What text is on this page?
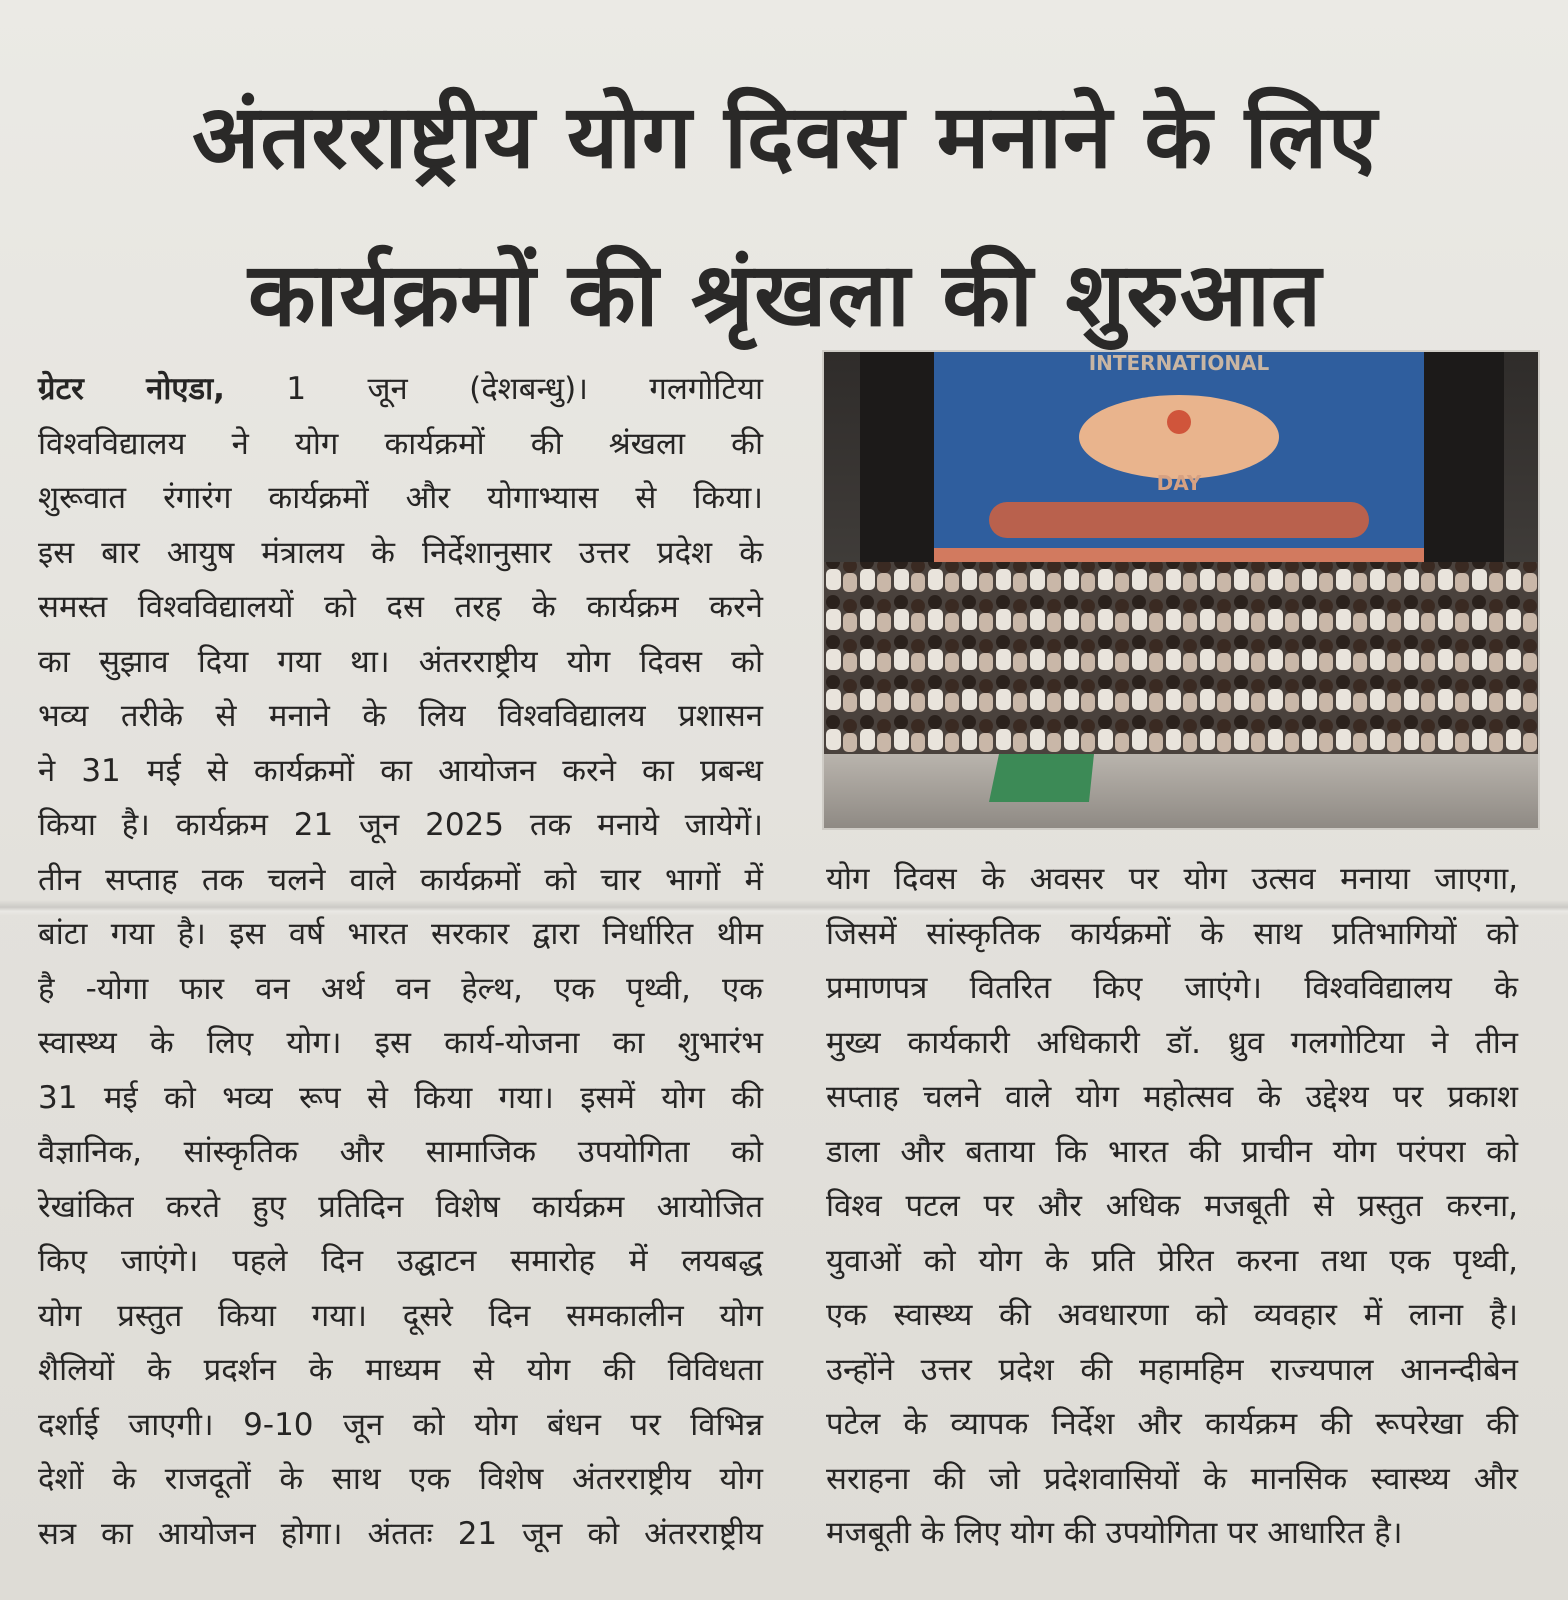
अंतरराष्ट्रीय योग दिवस मनाने के लिए
कार्यक्रमों की श्रृंखला की शुरुआत
ग्रेटर नोएडा, 1 जून (देशबन्धु)। गलगोटिया
विश्वविद्यालय ने योग कार्यक्रमों की श्रंखला की
शुरूवात रंगारंग कार्यक्रमों और योगाभ्यास से किया।
इस बार आयुष मंत्रालय के निर्देशानुसार उत्तर प्रदेश के
समस्त विश्वविद्यालयों को दस तरह के कार्यक्रम करने
का सुझाव दिया गया था। अंतरराष्ट्रीय योग दिवस को
भव्य तरीके से मनाने के लिय विश्वविद्यालय प्रशासन
ने 31 मई से कार्यक्रमों का आयोजन करने का प्रबन्ध
किया है। कार्यक्रम 21 जून 2025 तक मनाये जायेगें।
तीन सप्ताह तक चलने वाले कार्यक्रमों को चार भागों में
बांटा गया है। इस वर्ष भारत सरकार द्वारा निर्धारित थीम
है -योगा फार वन अर्थ वन हेल्थ, एक पृथ्वी, एक
स्वास्थ्य के लिए योग। इस कार्य-योजना का शुभारंभ
31 मई को भव्य रूप से किया गया। इसमें योग की
वैज्ञानिक, सांस्कृतिक और सामाजिक उपयोगिता को
रेखांकित करते हुए प्रतिदिन विशेष कार्यक्रम आयोजित
किए जाएंगे। पहले दिन उद्घाटन समारोह में लयबद्ध
योग प्रस्तुत किया गया। दूसरे दिन समकालीन योग
शैलियों के प्रदर्शन के माध्यम से योग की विविधता
दर्शाई जाएगी। 9-10 जून को योग बंधन पर विभिन्न
देशों के राजदूतों के साथ एक विशेष अंतरराष्ट्रीय योग
सत्र का आयोजन होगा। अंततः 21 जून को अंतरराष्ट्रीय
INTERNATIONAL
DAY
योग दिवस के अवसर पर योग उत्सव मनाया जाएगा,
जिसमें सांस्कृतिक कार्यक्रमों के साथ प्रतिभागियों को
प्रमाणपत्र वितरित किए जाएंगे। विश्वविद्यालय के
मुख्य कार्यकारी अधिकारी डॉ. ध्रुव गलगोटिया ने तीन
सप्ताह चलने वाले योग महोत्सव के उद्देश्य पर प्रकाश
डाला और बताया कि भारत की प्राचीन योग परंपरा को
विश्व पटल पर और अधिक मजबूती से प्रस्तुत करना,
युवाओं को योग के प्रति प्रेरित करना तथा एक पृथ्वी,
एक स्वास्थ्य की अवधारणा को व्यवहार में लाना है।
उन्होंने उत्तर प्रदेश की महामहिम राज्यपाल आनन्दीबेन
पटेल के व्यापक निर्देश और कार्यक्रम की रूपरेखा की
सराहना की जो प्रदेशवासियों के मानसिक स्वास्थ्य और
मजबूती के लिए योग की उपयोगिता पर आधारित है।
